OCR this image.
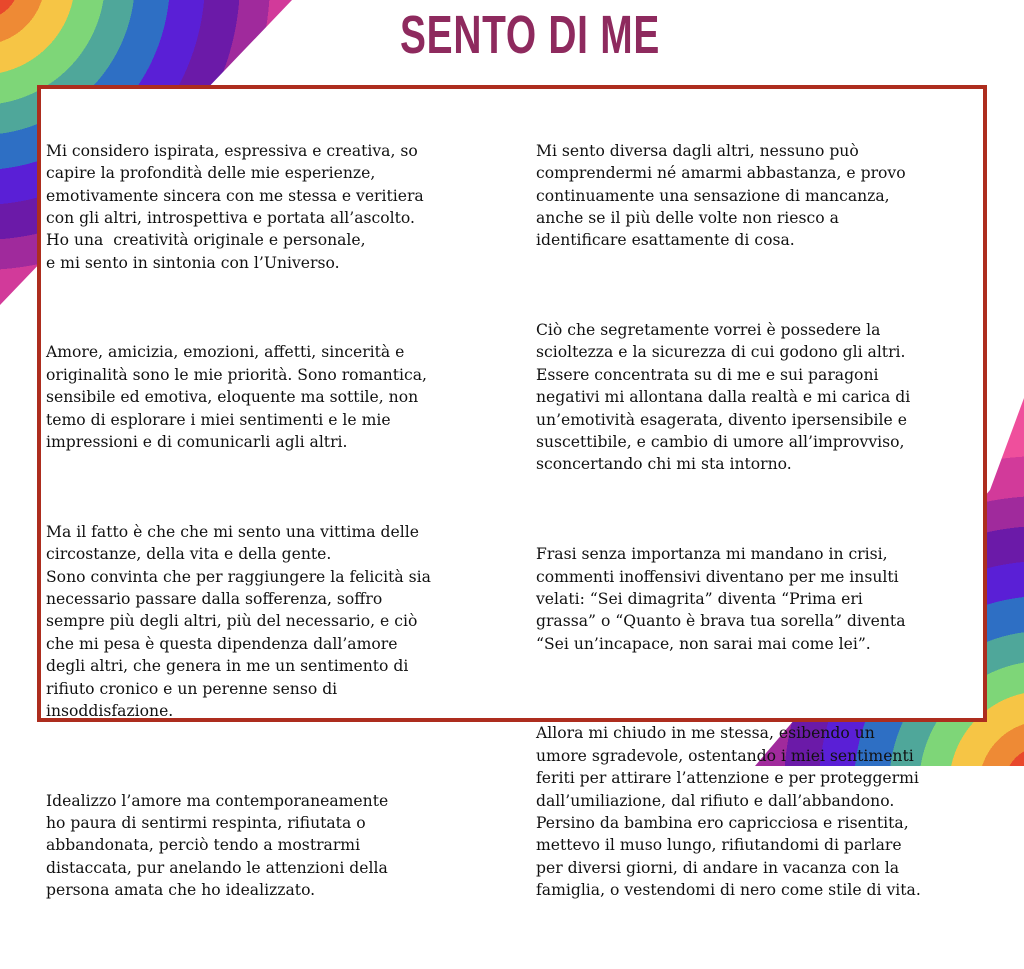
SENTO DI ME

Mi considero ispirata, espressiva e creativa, so
capire la profondità delle mie esperienze,
emotivamente sincera con me stessa e veritiera
con gli altri, introspettiva e portata all’ascolto.
Ho una  creatività originale e personale,
e mi sento in sintonia con l’Universo.

Amore, amicizia, emozioni, affetti, sincerità e
originalità sono le mie priorità. Sono romantica,
sensibile ed emotiva, eloquente ma sottile, non
temo di esplorare i miei sentimenti e le mie
impressioni e di comunicarli agli altri.

Ma il fatto è che che mi sento una vittima delle
circostanze, della vita e della gente.
Sono convinta che per raggiungere la felicità sia
necessario passare dalla sofferenza, soffro
sempre più degli altri, più del necessario, e ciò
che mi pesa è questa dipendenza dall’amore
degli altri, che genera in me un sentimento di
rifiuto cronico e un perenne senso di
insoddisfazione.

Idealizzo l’amore ma contemporaneamente
ho paura di sentirmi respinta, rifiutata o
abbandonata, perciò tendo a mostrarmi
distaccata, pur anelando le attenzioni della
persona amata che ho idealizzato.

Mi sento diversa dagli altri, nessuno può
comprendermi né amarmi abbastanza, e provo
continuamente una sensazione di mancanza,
anche se il più delle volte non riesco a
identificare esattamente di cosa.

Ciò che segretamente vorrei è possedere la
scioltezza e la sicurezza di cui godono gli altri.
Essere concentrata su di me e sui paragoni
negativi mi allontana dalla realtà e mi carica di
un’emotività esagerata, divento ipersensibile e
suscettibile, e cambio di umore all’improvviso,
sconcertando chi mi sta intorno.

Frasi senza importanza mi mandano in crisi,
commenti inoffensivi diventano per me insulti
velati: “Sei dimagrita” diventa “Prima eri
grassa” o “Quanto è brava tua sorella” diventa
“Sei un’incapace, non sarai mai come lei”.

Allora mi chiudo in me stessa, esibendo un
umore sgradevole, ostentando i miei sentimenti
feriti per attirare l’attenzione e per proteggermi
dall’umiliazione, dal rifiuto e dall’abbandono.
Persino da bambina ero capricciosa e risentita,
mettevo il muso lungo, rifiutandomi di parlare
per diversi giorni, di andare in vacanza con la
famiglia, o vestendomi di nero come stile di vita.
